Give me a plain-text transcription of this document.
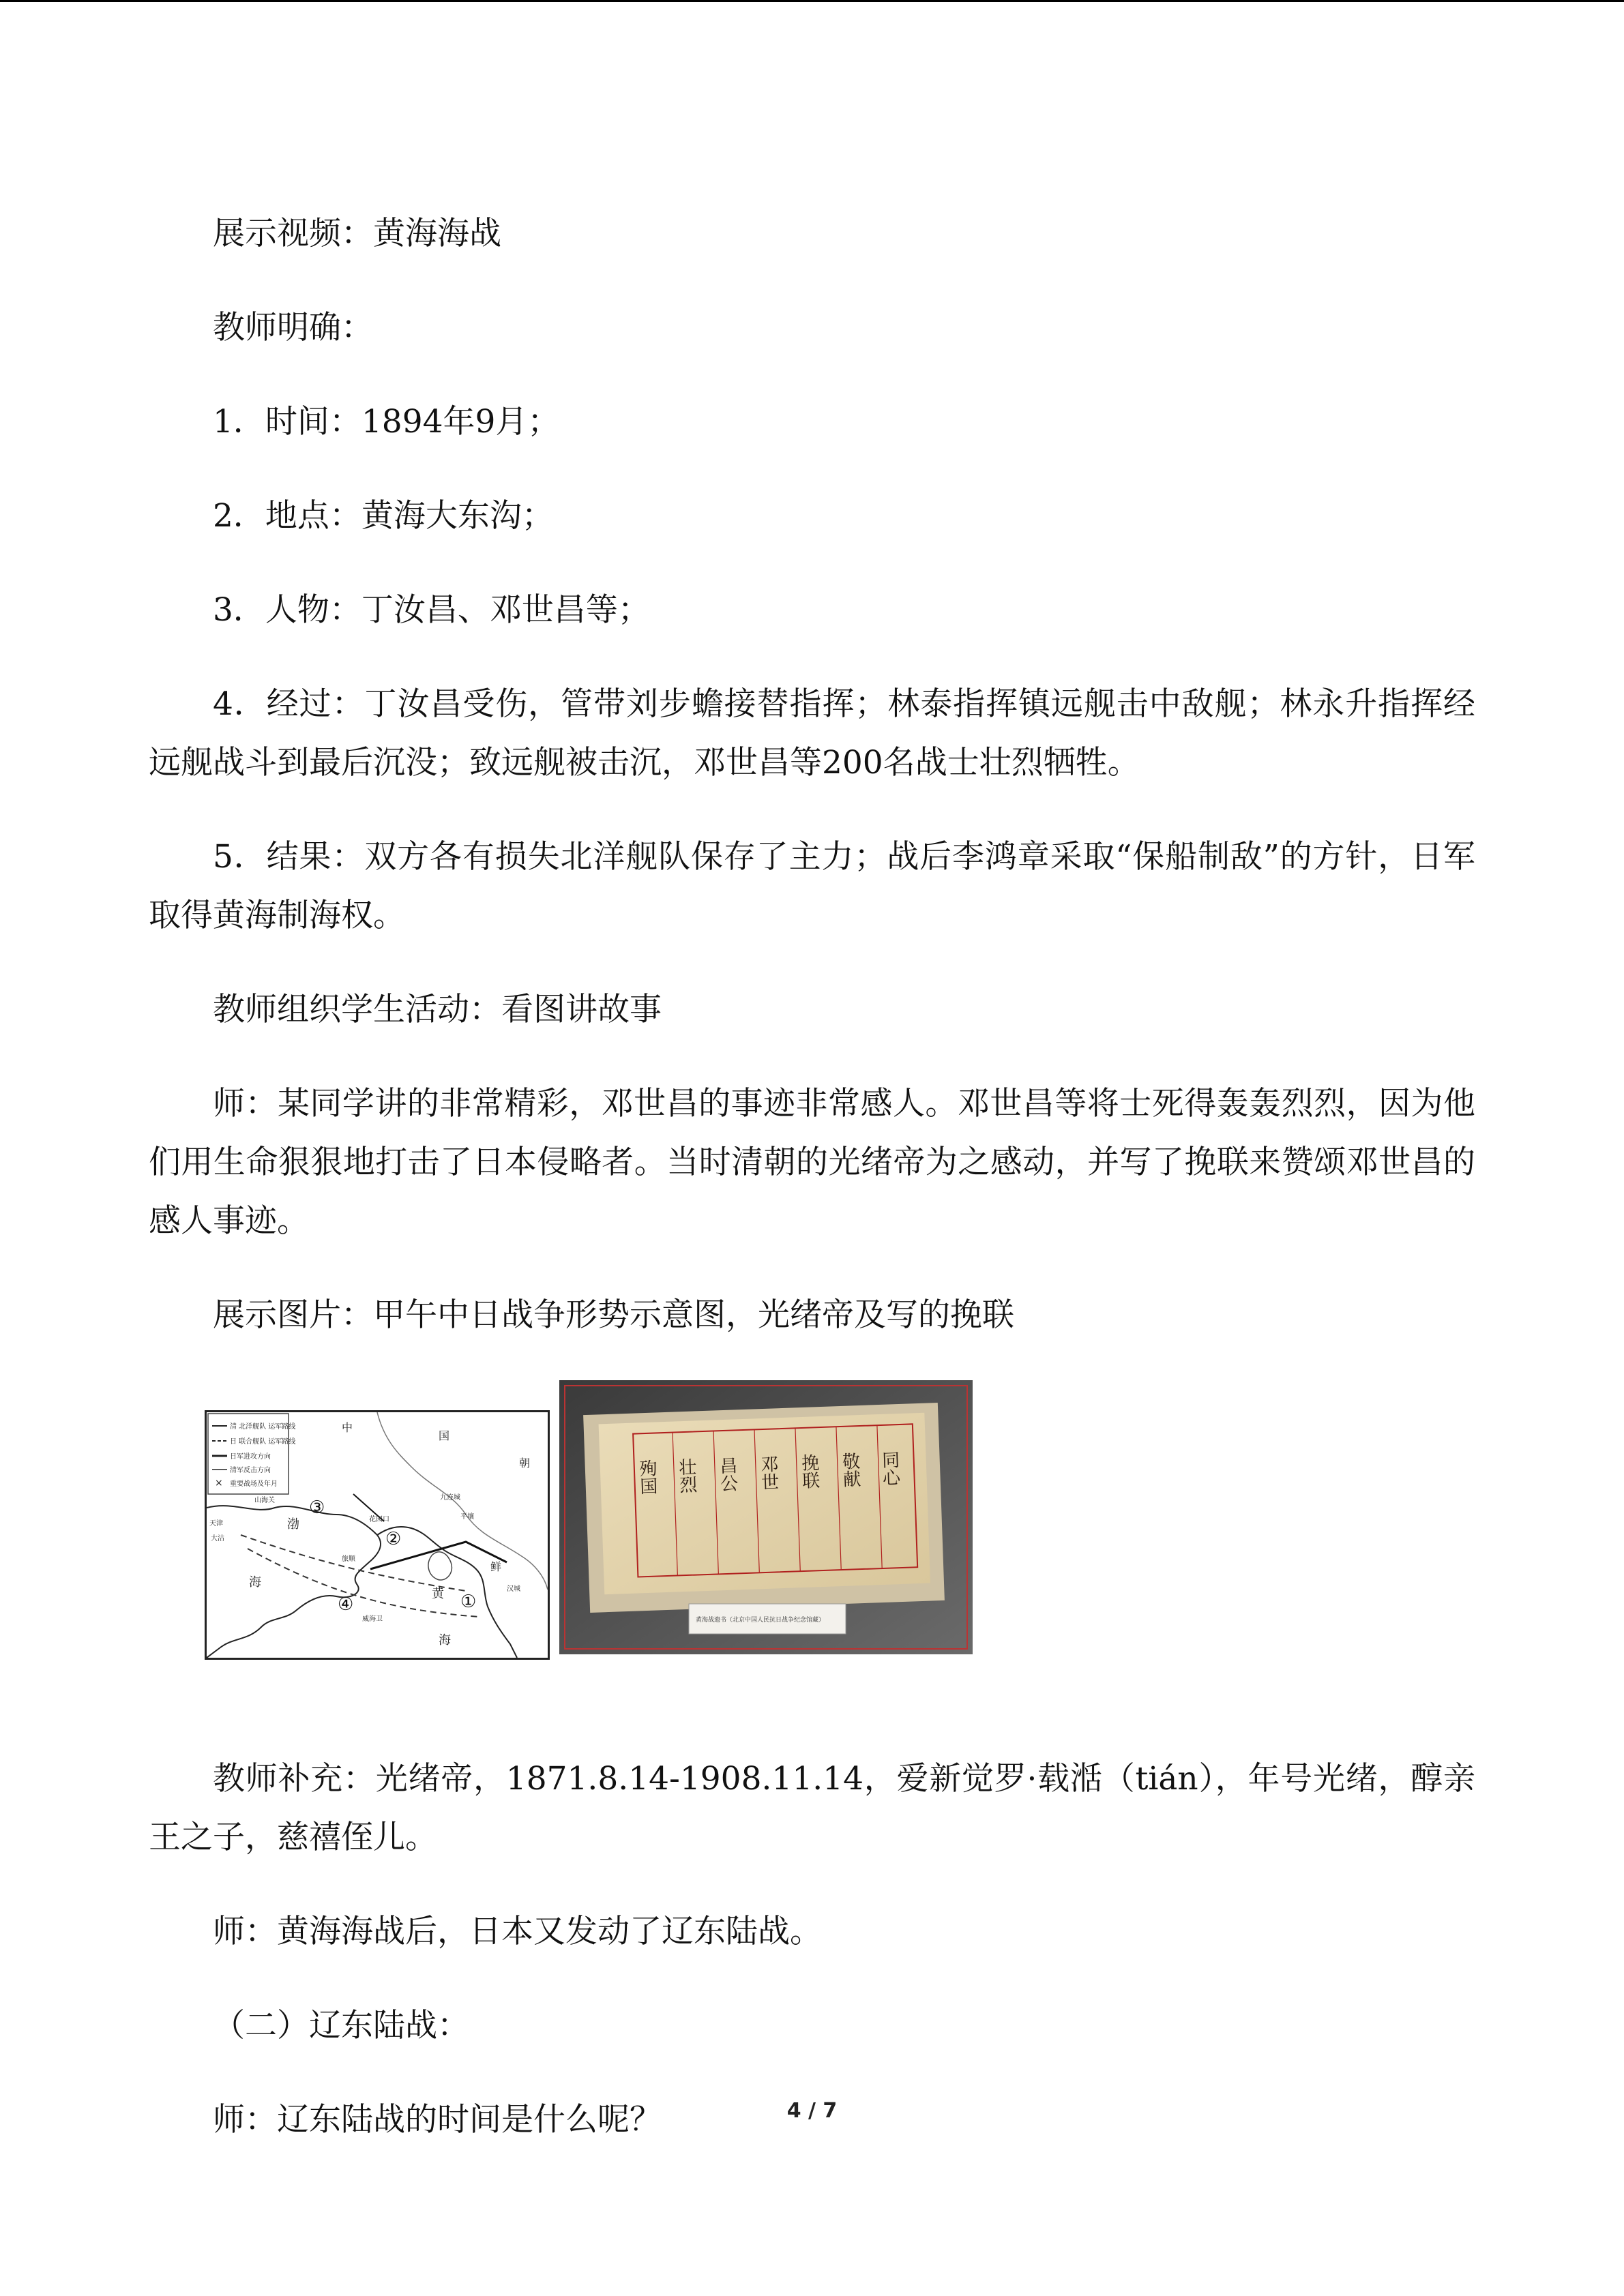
展示视频：黄海海战

教师明确：

1．时间：1894年9月；

2．地点：黄海大东沟；

3．人物：丁汝昌、邓世昌等；

4．经过：丁汝昌受伤，管带刘步蟾接替指挥；林泰指挥镇远舰击中敌舰；林永升指挥经远舰战斗到最后沉没；致远舰被击沉，邓世昌等200名战士壮烈牺牲。

5．结果：双方各有损失北洋舰队保存了主力；战后李鸿章采取“保船制敌”的方针，日军取得黄海制海权。

教师组织学生活动：看图讲故事

师：某同学讲的非常精彩，邓世昌的事迹非常感人。邓世昌等将士死得轰轰烈烈，因为他们用生命狠狠地打击了日本侵略者。当时清朝的光绪帝为之感动，并写了挽联来赞颂邓世昌的感人事迹。

展示图片：甲午中日战争形势示意图，光绪帝及写的挽联

×
清 北洋舰队 运军路线
日 联合舰队 运军路线
日军进攻方向
清军反击方向
重要战场及年月
中
国
朝
鲜
渤
海
黄
海
天津
大沽
山海关	九连城
旅顺
平壤
汉城
威海卫
花园口
③
②
④	①
同心
敬献
挽联
邓世
昌公
壮烈
殉国
黄海战遗书（北京中国人民抗日战争纪念馆藏）

教师补充：光绪帝，1871.8.14-1908.11.14，爱新觉罗·载湉（tián），年号光绪，醇亲王之子，慈禧侄儿。

师：黄海海战后，日本又发动了辽东陆战。

（二）辽东陆战：

师：辽东陆战的时间是什么呢？	4 / 7
